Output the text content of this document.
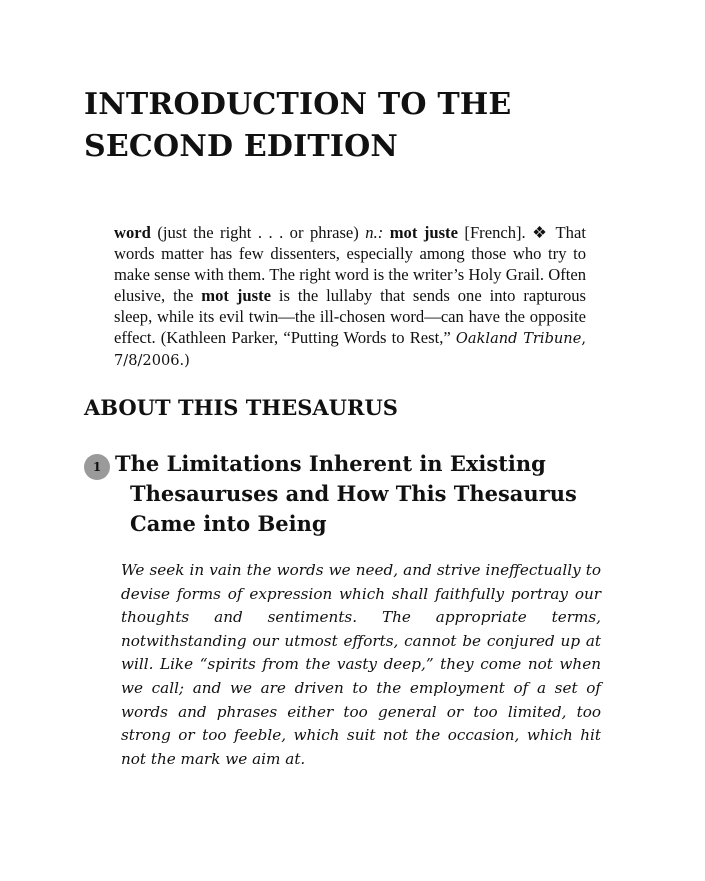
INTRODUCTION TO THE SECOND EDITION

word (just the right . . . or phrase) n.: mot juste [French]. ❖ That words matter has few dissenters, especially among those who try to make sense with them. The right word is the writer’s Holy Grail. Often elusive, the mot juste is the lullaby that sends one into rapturous sleep, while its evil twin—the ill-chosen word—can have the opposite effect. (Kathleen Parker, “Putting Words to Rest,” Oakland Tribune, 7/8/2006.)

ABOUT THIS THESAURUS
1 The Limitations Inherent in Existing Thesauruses and How This Thesaurus Came into Being

We seek in vain the words we need, and strive ineffectually to devise forms of expression which shall faithfully portray our thoughts and sentiments. The appropriate terms, notwithstanding our utmost efforts, cannot be conjured up at will. Like “spirits from the vasty deep,” they come not when we call; and we are driven to the employment of a set of words and phrases either too general or too limited, too strong or too feeble, which suit not the occasion, which hit not the mark we aim at.
